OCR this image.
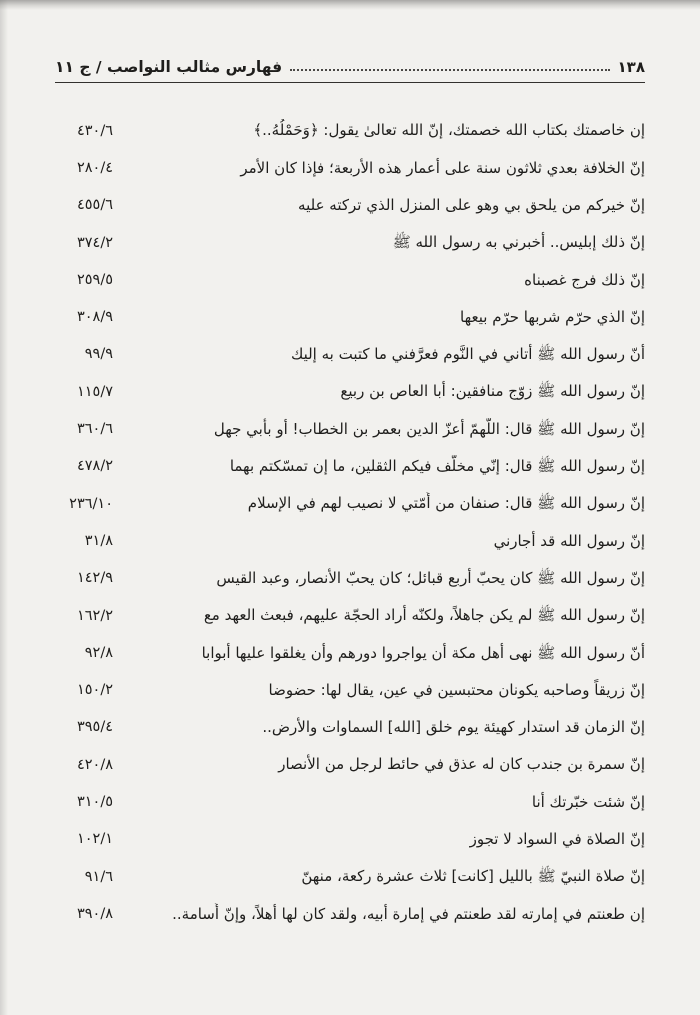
فهارس مثالب النواصب / ج ١١	١٣٨
إن خاصمتك بكتاب الله خصمتك، إنّ الله تعالىٰ يقول: ﴿وَحَمْلُهُ..﴾
٤٣٠/٦
إنّ الخلافة بعدي ثلاثون سنة على أعمار هذه الأربعة؛ فإذا كان الأمر
٢٨٠/٤
إنّ خيركم من يلحق بي وهو على المنزل الذي تركته عليه
٤٥٥/٦
إنّ ذلك إبليس.. أخبرني به رسول الله ﷺ
٣٧٤/٢
إنّ ذلك فرج غصبناه
٢٥٩/٥
إنّ الذي حرّم شربها حرّم بيعها
٣٠٨/٩
أنّ رسول الله ﷺ أتاني في النَّوم فعرَّفني ما كتبت به إليك
٩٩/٩
إنّ رسول الله ﷺ زوّج منافقين: أبا العاص بن ربيع
١١٥/٧
إنّ رسول الله ﷺ قال: اللّهمّ أعزّ الدين بعمر بن الخطاب! أو بأبي جهل
٣٦٠/٦
إنّ رسول الله ﷺ قال: إنّي مخلّف فيكم الثقلين، ما إن تمسّكتم بهما
٤٧٨/٢
إنّ رسول الله ﷺ قال: صنفان من أُمّتي لا نصيب لهم في الإسلام
٢٣٦/١٠
إنّ رسول الله قد أجارني
٣١/٨
إنّ رسول الله ﷺ كان يحبّ أربع قبائل؛ كان يحبّ الأنصار، وعبد القيس
١٤٢/٩
إنّ رسول الله ﷺ لم يكن جاهلاً، ولكنّه أراد الحجّة عليهم، فبعث العهد مع
١٦٢/٢
أنّ رسول الله ﷺ نهى أهل مكة أن يواجروا دورهم وأن يغلقوا عليها أبوابا
٩٢/٨
إنّ زريقاً وصاحبه يكونان محتبسين في عين، يقال لها: حضوضا
١٥٠/٢
إنّ الزمان قد استدار كهيئة يوم خلق [الله] السماوات والأرض..
٣٩٥/٤
إنّ سمرة بن جندب كان له عذق في حائط لرجل من الأنصار
٤٢٠/٨
إنّ شئت خبّرتك أنا
٣١٠/٥
إنّ الصلاة في السواد لا تجوز
١٠٢/١
إنّ صلاة النبيّ ﷺ بالليل [كانت] ثلاث عشرة ركعة، منهنّ
٩١/٦
إن طعنتم في إمارته لقد طعنتم في إمارة أبيه، ولقد كان لها أهلاً، وإنّ أُسامة..
٣٩٠/٨
